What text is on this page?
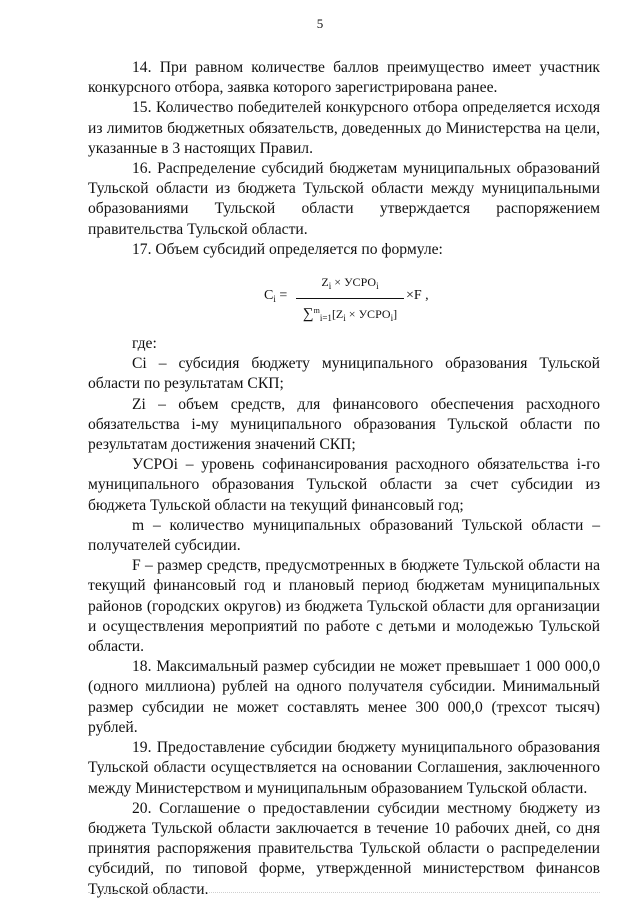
5

14. При равном количестве баллов преимущество имеет участник конкурсного отбора, заявка которого зарегистрирована ранее.

15. Количество победителей конкурсного отбора определяется исходя из лимитов бюджетных обязательств, доведенных до Министерства на цели, указанные в 3 настоящих Правил.

16. Распределение субсидий бюджетам муниципальных образований Тульской области из бюджета Тульской области между муниципальными образованиями Тульской области утверждается распоряжением правительства Тульской области.

17. Объем субсидий определяется по формуле:

$C_i$ =
$Z_i$ × $УСРО_i$
$\sum^m_{i=1}[Z_i$ × $УСРО_i$]
×F ,

где:

Ci – субсидия бюджету муниципального образования Тульской области по результатам СКП;

Zi – объем средств, для финансового обеспечения расходного обязательства i-му муниципального образования Тульской области по результатам достижения значений СКП;

УСРОi – уровень софинансирования расходного обязательства i-го муниципального образования Тульской области за счет субсидии из бюджета Тульской области на текущий финансовый год;

m – количество муниципальных образований Тульской области – получателей субсидии.

F – размер средств, предусмотренных в бюджете Тульской области на текущий финансовый год и плановый период бюджетам муниципальных районов (городских округов) из бюджета Тульской области для организации и осуществления мероприятий по работе с детьми и молодежью Тульской области.

18. Максимальный размер субсидии не может превышает 1 000 000,0 (одного миллиона) рублей на одного получателя субсидии. Минимальный размер субсидии не может составлять менее 300 000,0 (трехсот тысяч) рублей.

19. Предоставление субсидии бюджету муниципального образования Тульской области осуществляется на основании Соглашения, заключенного между Министерством и муниципальным образованием Тульской области.

20. Соглашение о предоставлении субсидии местному бюджету из бюджета Тульской области заключается в течение 10 рабочих дней, со дня принятия распоряжения правительства Тульской области о распределении субсидий, по типовой форме, утвержденной министерством финансов Тульской области.
